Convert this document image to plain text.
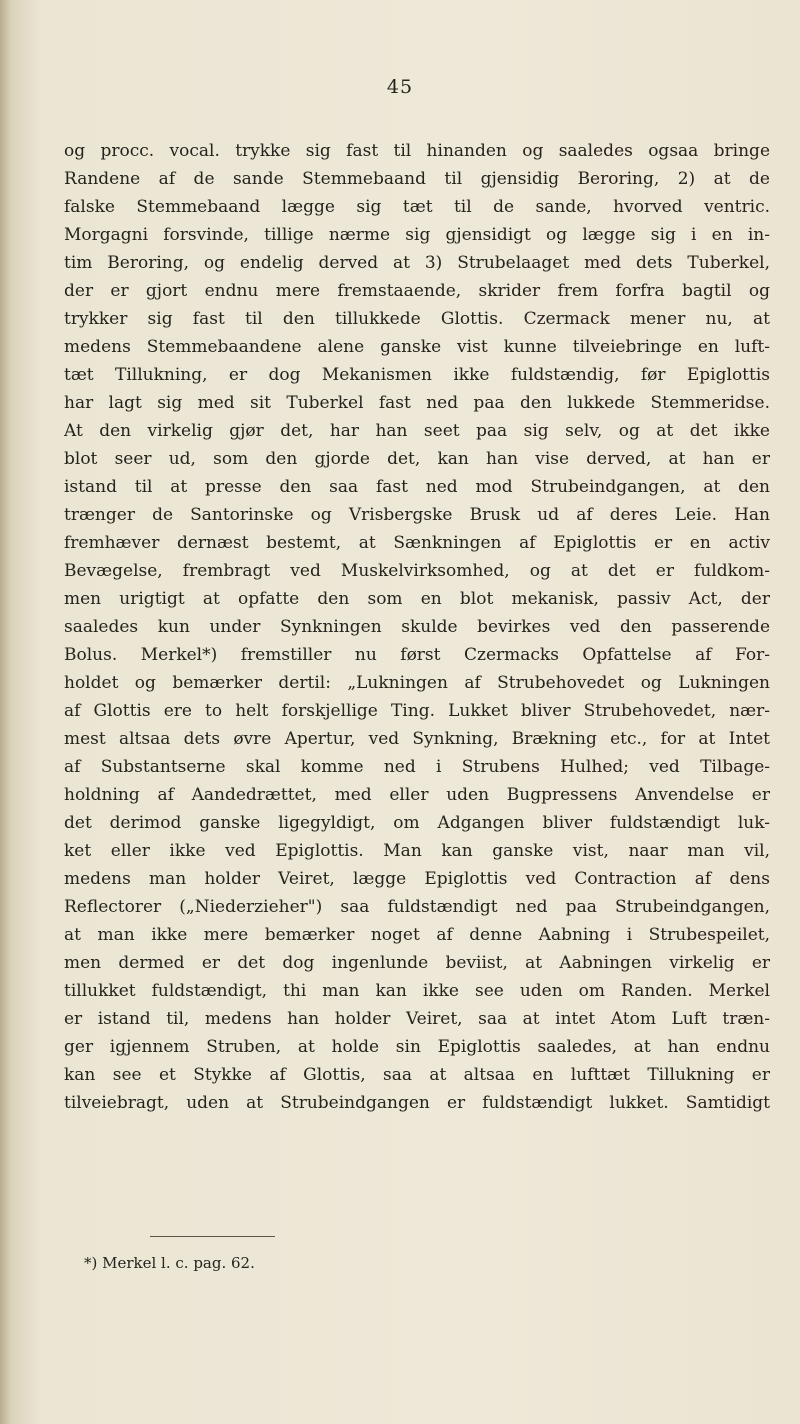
45
og procc. vocal. trykke sig fast til hinanden og saaledes ogsaa bringe
Randene af de sande Stemmebaand til gjensidig Beroring, 2) at de
falske Stemmebaand lægge sig tæt til de sande, hvorved ventric.
Morgagni forsvinde, tillige nærme sig gjensidigt og lægge sig i en in-
tim Beroring, og endelig derved at 3) Strubelaaget med dets Tuberkel,
der er gjort endnu mere fremstaaende, skrider frem forfra bagtil og
trykker sig fast til den tillukkede Glottis. Czermack mener nu, at
medens Stemmebaandene alene ganske vist kunne tilveiebringe en luft-
tæt Tillukning, er dog Mekanismen ikke fuldstændig, før Epiglottis
har lagt sig med sit Tuberkel fast ned paa den lukkede Stemmeridse.
At den virkelig gjør det, har han seet paa sig selv, og at det ikke
blot seer ud, som den gjorde det, kan han vise derved, at han er
istand til at presse den saa fast ned mod Strubeindgangen, at den
trænger de Santorinske og Vrisbergske Brusk ud af deres Leie. Han
fremhæver dernæst bestemt, at Sænkningen af Epiglottis er en activ
Bevægelse, frembragt ved Muskelvirksomhed, og at det er fuldkom-
men urigtigt at opfatte den som en blot mekanisk, passiv Act, der
saaledes kun under Synkningen skulde bevirkes ved den passerende
Bolus. Merkel*) fremstiller nu først Czermacks Opfattelse af For-
holdet og bemærker dertil: „Lukningen af Strubehovedet og Lukningen
af Glottis ere to helt forskjellige Ting. Lukket bliver Strubehovedet, nær-
mest altsaa dets øvre Apertur, ved Synkning, Brækning etc., for at Intet
af Substantserne skal komme ned i Strubens Hulhed; ved Tilbage-
holdning af Aandedrættet, med eller uden Bugpressens Anvendelse er
det derimod ganske ligegyldigt, om Adgangen bliver fuldstændigt luk-
ket eller ikke ved Epiglottis. Man kan ganske vist, naar man vil,
medens man holder Veiret, lægge Epiglottis ved Contraction af dens
Reflectorer („Niederzieher") saa fuldstændigt ned paa Strubeindgangen,
at man ikke mere bemærker noget af denne Aabning i Strubespeilet,
men dermed er det dog ingenlunde beviist, at Aabningen virkelig er
tillukket fuldstændigt, thi man kan ikke see uden om Randen. Merkel
er istand til, medens han holder Veiret, saa at intet Atom Luft træn-
ger igjennem Struben, at holde sin Epiglottis saaledes, at han endnu
kan see et Stykke af Glottis, saa at altsaa en lufttæt Tillukning er
tilveiebragt, uden at Strubeindgangen er fuldstændigt lukket. Samtidigt
*) Merkel l. c. pag. 62.
